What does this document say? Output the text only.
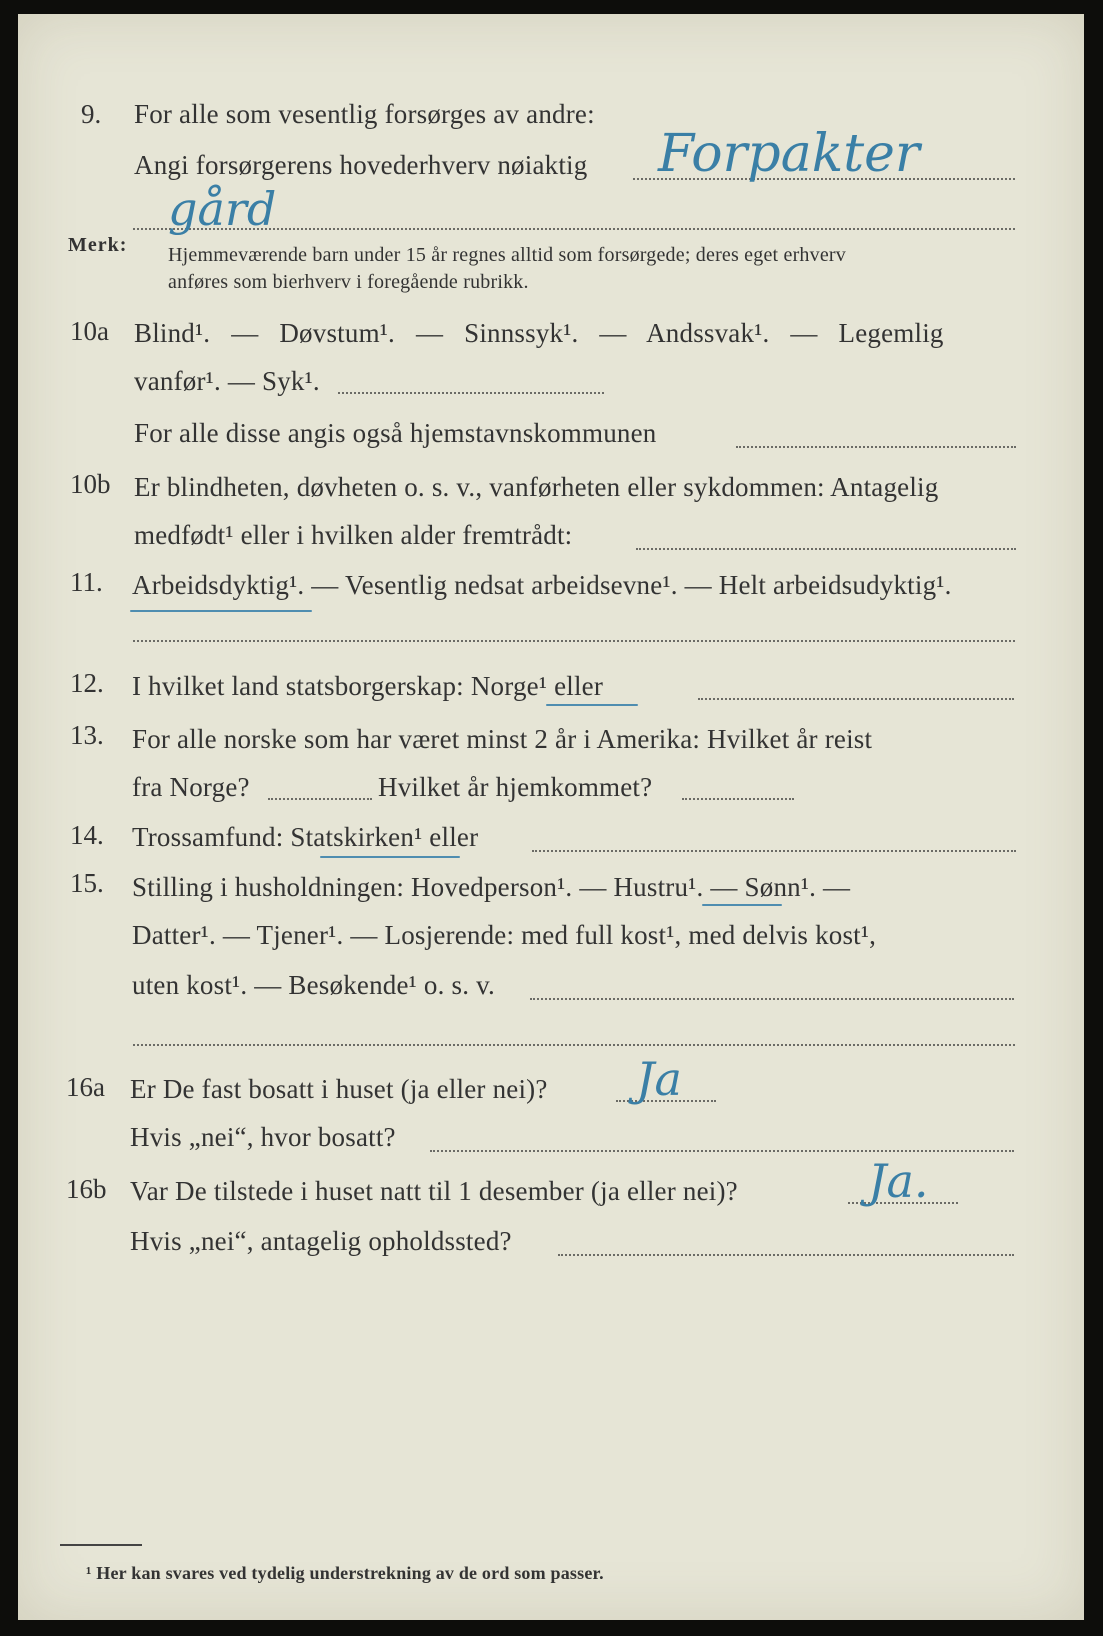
9. For alle som vesentlig forsørges av andre:
Angi forsørgerens hovederhverv nøiaktig Forpakter
gård
Merk: Hjemmeværende barn under 15 år regnes alltid som forsørgede; deres eget erhverv
anføres som bierhverv i foregående rubrikk.
10a Blind¹. — Døvstum¹. — Sinnssyk¹. — Andssvak¹. — Legemlig
vanfør¹. — Syk¹.
For alle disse angis også hjemstavnskommunen
10b Er blindheten, døvheten o. s. v., vanførheten eller sykdommen: Antagelig
medfødt¹ eller i hvilken alder fremtrådt:
11. Arbeidsdyktig¹. — Vesentlig nedsat arbeidsevne¹. — Helt arbeidsudyktig¹.
12. I hvilket land statsborgerskap: Norge¹ eller
13. For alle norske som har været minst 2 år i Amerika: Hvilket år reist
fra Norge?	Hvilket år hjemkommet?
14. Trossamfund: Statskirken¹ eller
15. Stilling i husholdningen: Hovedperson¹. — Hustru¹. — Sønn¹. —
Datter¹. — Tjener¹. — Losjerende: med full kost¹, med delvis kost¹,
uten kost¹. — Besøkende¹ o. s. v.
16a Er De fast bosatt i huset (ja eller nei)? Ja
Hvis „nei“, hvor bosatt?
16b Var De tilstede i huset natt til 1 desember (ja eller nei)?	Ja.
Hvis „nei“, antagelig opholdssted?
¹ Her kan svares ved tydelig understrekning av de ord som passer.
